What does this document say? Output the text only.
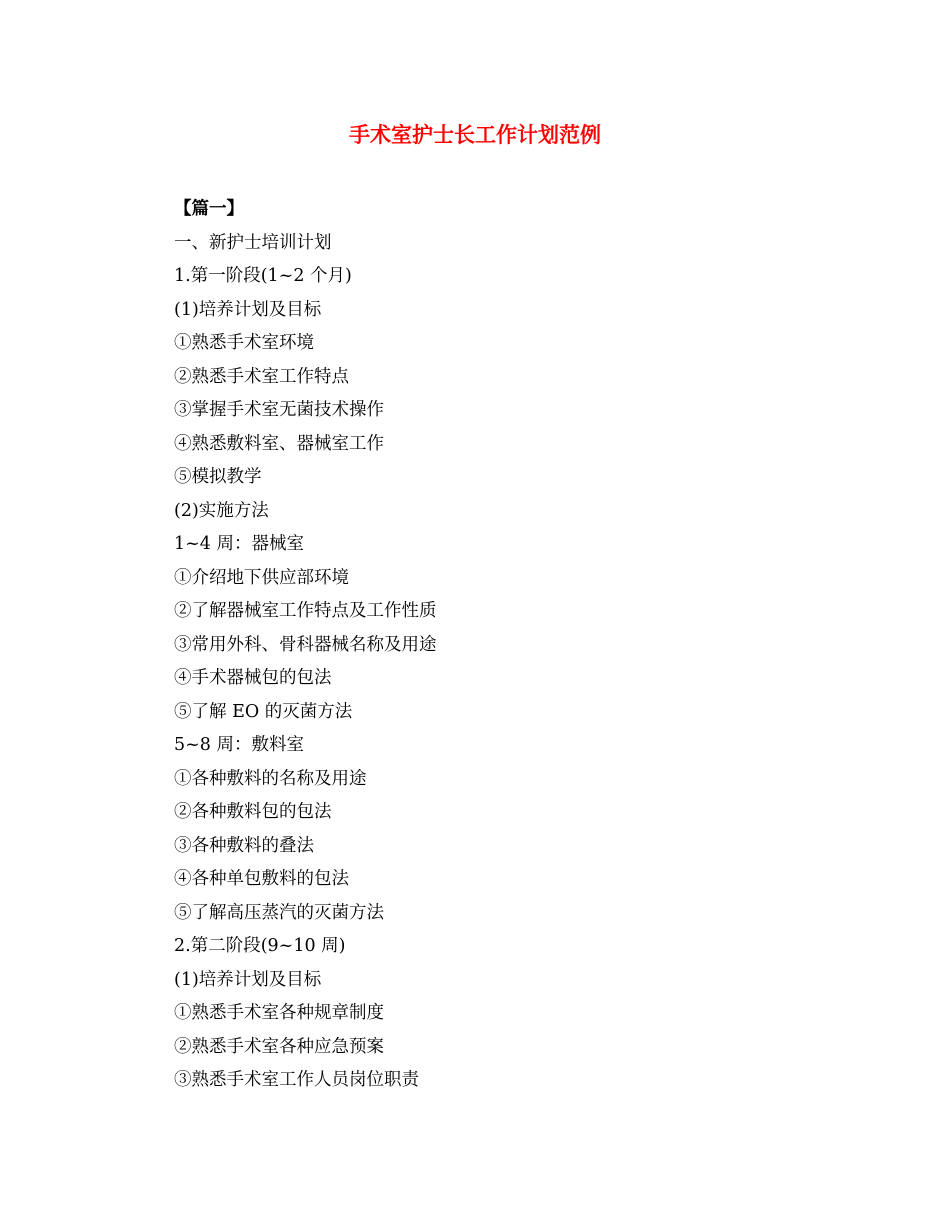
手术室护士长工作计划范例
【篇一】
一、新护士培训计划
1.第一阶段(1~2 个月)
(1)培养计划及目标
①熟悉手术室环境
②熟悉手术室工作特点
③掌握手术室无菌技术操作
④熟悉敷料室、器械室工作
⑤模拟教学
(2)实施方法
1~4 周：器械室
①介绍地下供应部环境
②了解器械室工作特点及工作性质
③常用外科、骨科器械名称及用途
④手术器械包的包法
⑤了解 EO 的灭菌方法
5~8 周：敷料室
①各种敷料的名称及用途
②各种敷料包的包法
③各种敷料的叠法
④各种单包敷料的包法
⑤了解高压蒸汽的灭菌方法
2.第二阶段(9~10 周)
(1)培养计划及目标
①熟悉手术室各种规章制度
②熟悉手术室各种应急预案
③熟悉手术室工作人员岗位职责
